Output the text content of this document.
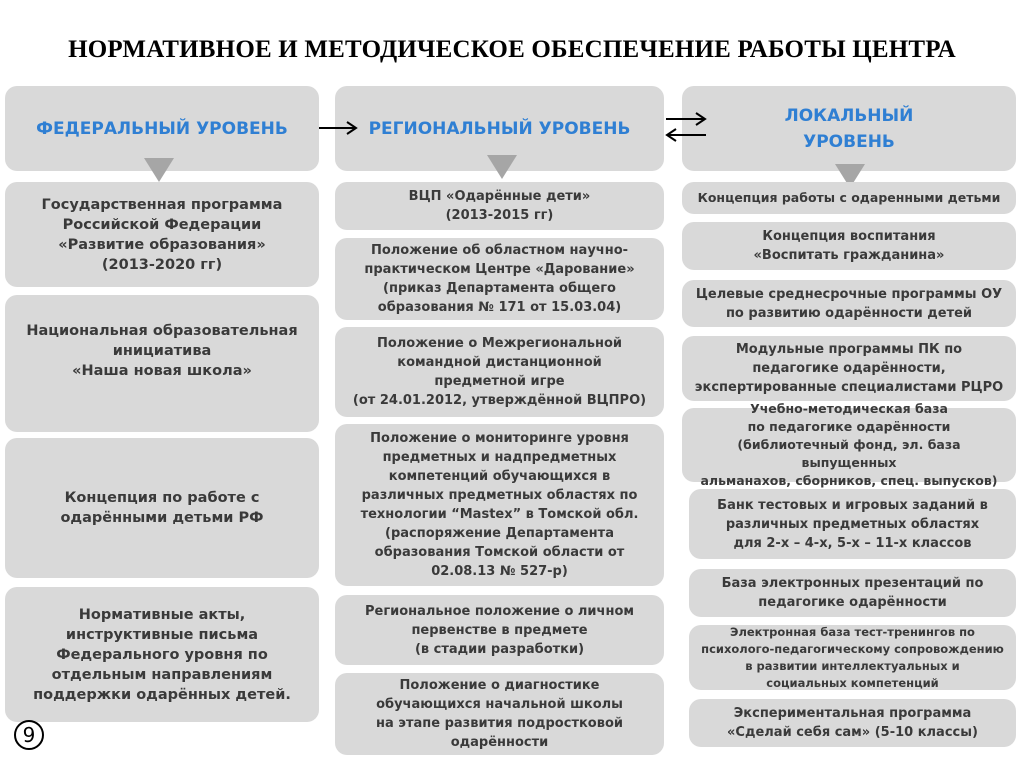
НОРМАТИВНОЕ И МЕТОДИЧЕСКОЕ ОБЕСПЕЧЕНИЕ РАБОТЫ ЦЕНТРА
ФЕДЕРАЛЬНЫЙ УРОВЕНЬ	РЕГИОНАЛЬНЫЙ УРОВЕНЬ
ЛОКАЛЬНЫЙ
УРОВЕНЬ
Государственная программа
Российской Федерации
«Развитие образования»
(2013-2020 гг)
Национальная образовательная
инициатива
«Наша новая школа»
Концепция по работе с
одарёнными детьми РФ
Нормативные акты,
инструктивные письма
Федерального уровня по
отдельным направлениям
поддержки одарённых детей.
ВЦП «Одарённые дети»
(2013-2015 гг)
Положение об областном научно-
практическом Центре «Дарование»
(приказ Департамента общего
образования № 171 от 15.03.04)
Положение о Межрегиональной
командной дистанционной
предметной игре
(от 24.01.2012, утверждённой ВЦПРО)
Положение о мониторинге уровня
предметных и надпредметных
компетенций обучающихся в
различных предметных областях по
технологии “Mastex” в Томской обл.
(распоряжение Департамента
образования Томской области от
02.08.13 № 527-р)
Региональное положение о личном
первенстве в предмете
(в стадии разработки)
Положение о диагностике
обучающихся начальной школы
на этапе развития подростковой
одарённости
Концепция работы с одаренными детьми
Концепция воспитания
«Воспитать гражданина»
Целевые среднесрочные программы ОУ
по развитию одарённости детей
Модульные программы ПК по
педагогике одарённости,
экспертированные специалистами РЦРО
Учебно-методическая база
по педагогике одарённости
(библиотечный фонд, эл. база выпущенных
альманахов, сборников, спец. выпусков)
Банк тестовых и игровых заданий в
различных предметных областях
для 2-х – 4-х, 5-х – 11-х классов
База электронных презентаций по
педагогике одарённости
Электронная база тест-тренингов по
психолого-педагогическому сопровождению
в развитии интеллектуальных и
социальных компетенций
Экспериментальная программа
«Сделай себя сам» (5-10 классы)
9
